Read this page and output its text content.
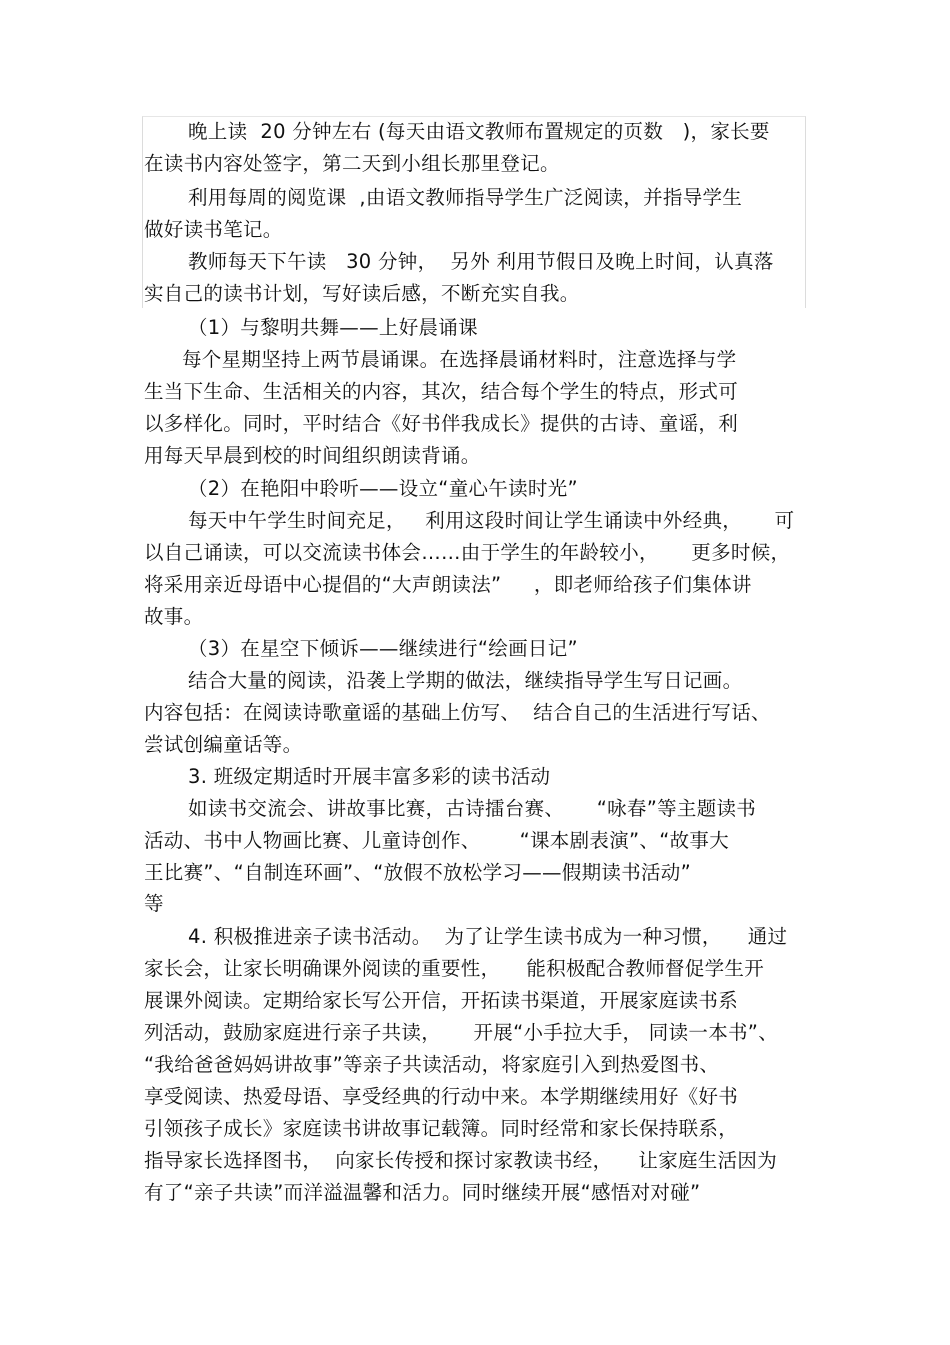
晚上读  20 分钟左右 (每天由语文教师布置规定的页数   )，家长要
在读书内容处签字，第二天到小组长那里登记。
利用每周的阅览课  ,由语文教师指导学生广泛阅读，并指导学生
做好读书笔记。
教师每天下午读   30 分钟，  另外 利用节假日及晚上时间，认真落
实自己的读书计划，写好读后感，不断充实自我。
（1）与黎明共舞——上好晨诵课
每个星期坚持上两节晨诵课。在选择晨诵材料时，注意选择与学
生当下生命、生活相关的内容，其次，结合每个学生的特点，形式可
以多样化。同时，平时结合《好书伴我成长》提供的古诗、童谣，利
用每天早晨到校的时间组织朗读背诵。
（2）在艳阳中聆听——设立“童心午读时光”
每天中午学生时间充足，   利用这段时间让学生诵读中外经典，     可
以自己诵读，可以交流读书体会……由于学生的年龄较小，     更多时候，
将采用亲近母语中心提倡的“大声朗读法”     ，即老师给孩子们集体讲
故事。
（3）在星空下倾诉——继续进行“绘画日记”
结合大量的阅读，沿袭上学期的做法，继续指导学生写日记画。
内容包括：在阅读诗歌童谣的基础上仿写、  结合自己的生活进行写话、
尝试创编童话等。
3. 班级定期适时开展丰富多彩的读书活动
如读书交流会、讲故事比赛，古诗擂台赛、     “咏春”等主题读书
活动、书中人物画比赛、儿童诗创作、      “课本剧表演”、“故事大
王比赛”、“自制连环画”、“放假不放松学习——假期读书活动”
等
4. 积极推进亲子读书活动。  为了让学生读书成为一种习惯，    通过
家长会，让家长明确课外阅读的重要性，    能积极配合教师督促学生开
展课外阅读。定期给家长写公开信，开拓读书渠道，开展家庭读书系
列活动，鼓励家庭进行亲子共读，     开展“小手拉大手， 同读一本书”、
“我给爸爸妈妈讲故事”等亲子共读活动，将家庭引入到热爱图书、
享受阅读、热爱母语、享受经典的行动中来。本学期继续用好《好书
引领孩子成长》家庭读书讲故事记载簿。同时经常和家长保持联系，
指导家长选择图书，  向家长传授和探讨家教读书经，    让家庭生活因为
有了“亲子共读”而洋溢温馨和活力。同时继续开展“感悟对对碰”
